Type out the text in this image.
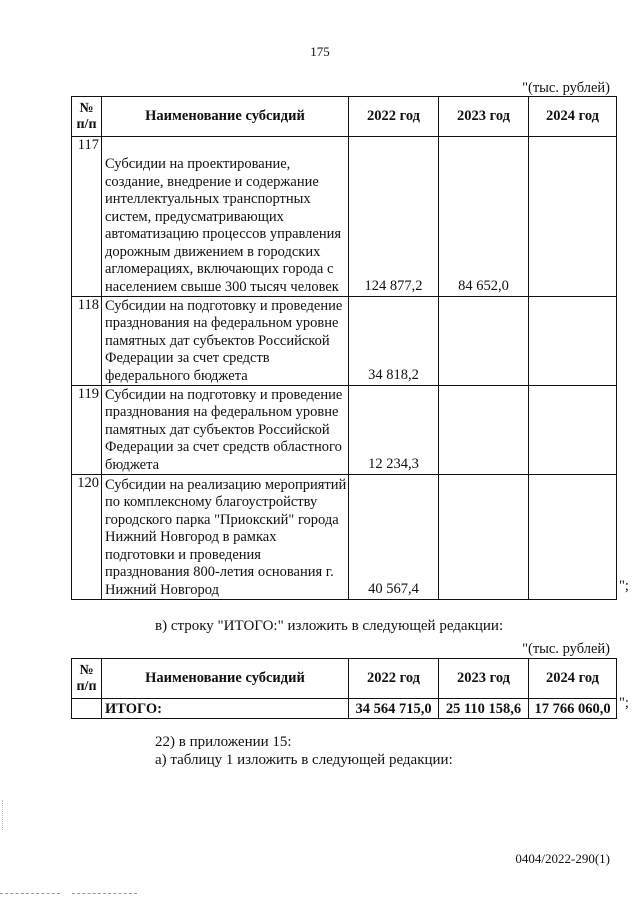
175
"(тыс. рублей)
№ п/п	Наименование субсидий	2022 год	2023 год	2024 год
117	Субсидии на проектирование, создание, внедрение и содержание интеллектуальных транспортных систем, предусматривающих автоматизацию процессов управления дорожным движением в городских агломерациях, включающих города с населением свыше 300 тысяч человек	124 877,2	84 652,0	
118	Субсидии на подготовку и проведение празднования на федеральном уровне памятных дат субъектов Российской Федерации за счет средств федерального бюджета	34 818,2		
119	Субсидии на подготовку и проведение празднования на федеральном уровне памятных дат субъектов Российской Федерации за счет средств областного бюджета	12 234,3		
120	Субсидии на реализацию мероприятий по комплексному благоустройству городского парка "Приокский" города Нижний Новгород в рамках подготовки и проведения празднования 800-летия основания г. Нижний Новгород	40 567,4			";
в) строку "ИТОГО:" изложить в следующей редакции:
"(тыс. рублей)
№ п/п	Наименование субсидий	2022 год	2023 год	2024 год
	ИТОГО:	34 564 715,0	25 110 158,6	17 766 060,0 ";
22) в приложении 15:
а) таблицу 1 изложить в следующей редакции:
0404/2022-290(1)
